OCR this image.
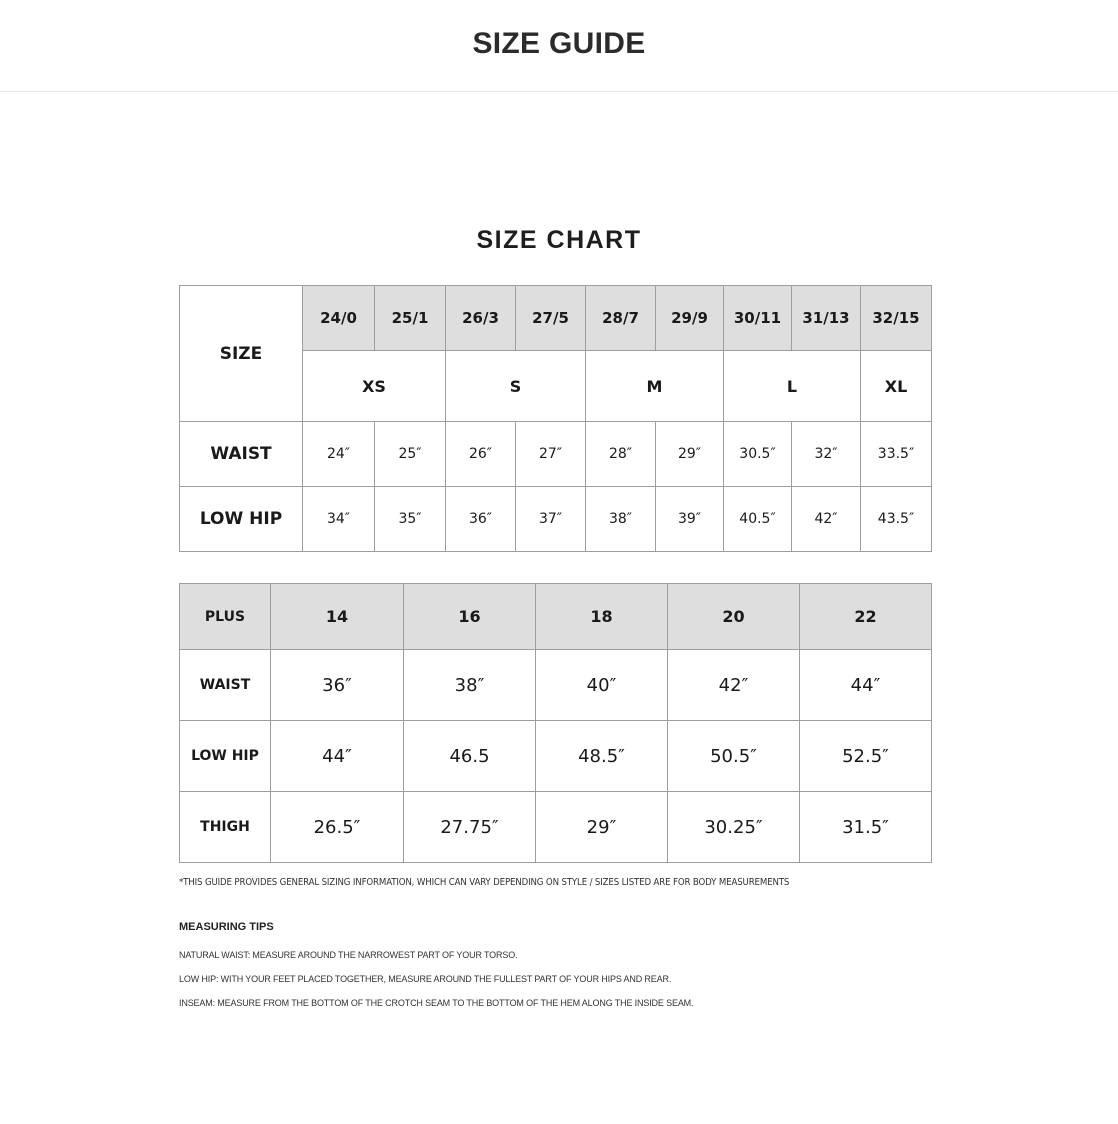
SIZE GUIDE
SIZE CHART
SIZE	24/0	25/1	26/3	27/5	28/7	29/9	30/11	31/13	32/15
	XS		S		M		L		XL
WAIST	24″	25″	26″	27″	28″	29″	30.5″	32″	33.5″
LOW HIP	34″	35″	36″	37″	38″	39″	40.5″	42″	43.5″
PLUS	14	16	18	20	22
WAIST	36″	38″	40″	42″	44″
LOW HIP	44″	46.5	48.5″	50.5″	52.5″
THIGH	26.5″	27.75″	29″	30.25″	31.5″
*THIS GUIDE PROVIDES GENERAL SIZING INFORMATION, WHICH CAN VARY DEPENDING ON STYLE / SIZES LISTED ARE FOR BODY MEASUREMENTS
MEASURING TIPS
NATURAL WAIST: MEASURE AROUND THE NARROWEST PART OF YOUR TORSO.
LOW HIP: WITH YOUR FEET PLACED TOGETHER, MEASURE AROUND THE FULLEST PART OF YOUR HIPS AND REAR.
INSEAM: MEASURE FROM THE BOTTOM OF THE CROTCH SEAM TO THE BOTTOM OF THE HEM ALONG THE INSIDE SEAM.
